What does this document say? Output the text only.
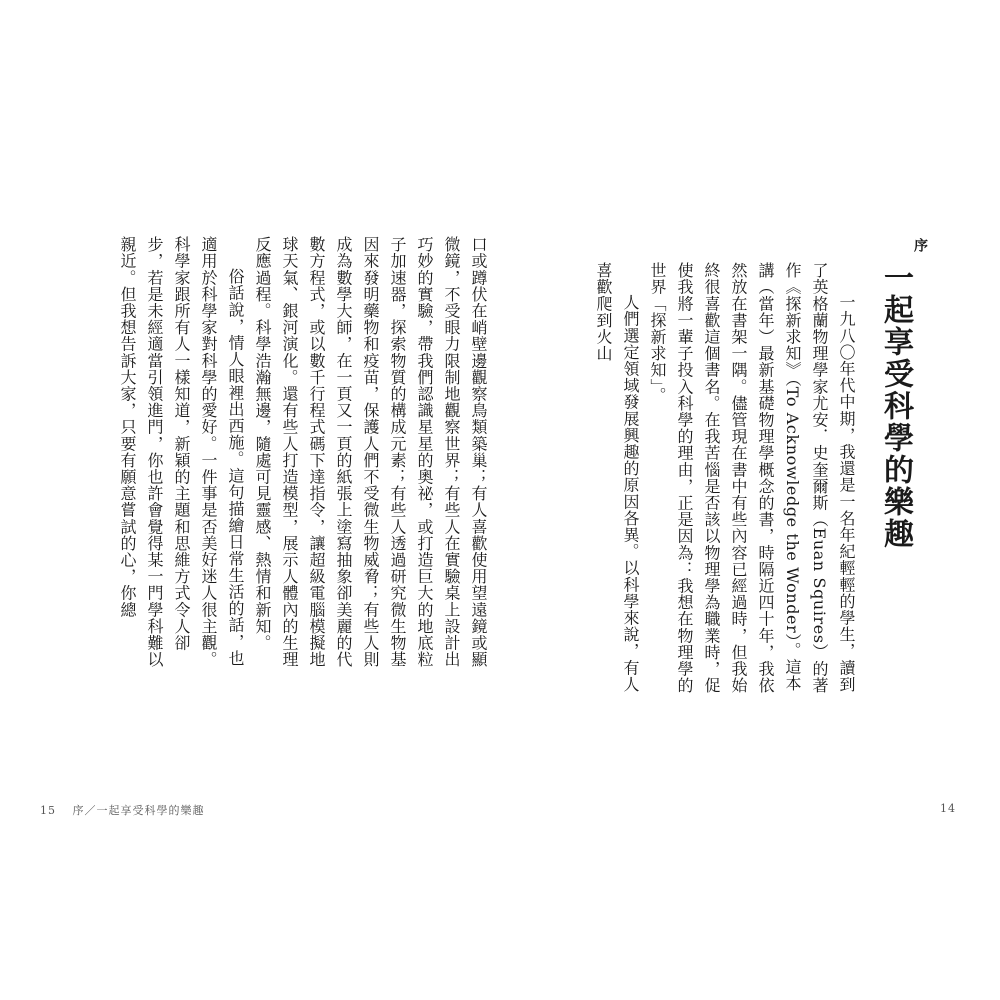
15 序／一起享受科學的樂趣	14
序
一起享受科學的樂趣

一九八〇年代中期，我還是一名年紀輕輕的學生，讀到了英格蘭物理學家尤安．史奎爾斯（Euan Squires）的著作《探新求知》（To Acknowledge the Wonder）。這本講（當年）最新基礎物理學概念的書，時隔近四十年，我依然放在書架一隅。儘管現在書中有些內容已經過時，但我始終很喜歡這個書名。在我苦惱是否該以物理學為職業時，促使我將一輩子投入科學的理由，正是因為：我想在物理學的世界「探新求知」。

人們選定領域發展興趣的原因各異。以科學來說，有人喜歡爬到火山

口或蹲伏在峭壁邊觀察鳥類築巢；有人喜歡使用望遠鏡或顯微鏡，不受眼力限制地觀察世界；有些人在實驗桌上設計出巧妙的實驗，帶我們認識星星的奧祕，或打造巨大的地底粒子加速器，探索物質的構成元素；有些人透過研究微生物基因來發明藥物和疫苗，保護人們不受微生物威脅；有些人則成為數學大師，在一頁又一頁的紙張上塗寫抽象卻美麗的代數方程式，或以數千行程式碼下達指令，讓超級電腦模擬地球天氣、銀河演化。還有些人打造模型，展示人體內的生理反應過程。科學浩瀚無邊，隨處可見靈感、熱情和新知。

俗話說，情人眼裡出西施。這句描繪日常生活的話，也適用於科學家對科學的愛好。一件事是否美好迷人很主觀。科學家跟所有人一樣知道，新穎的主題和思維方式令人卻步，若是未經適當引領進門，你也許會覺得某一門學科難以親近。但我想告訴大家，只要有願意嘗試的心，你總
